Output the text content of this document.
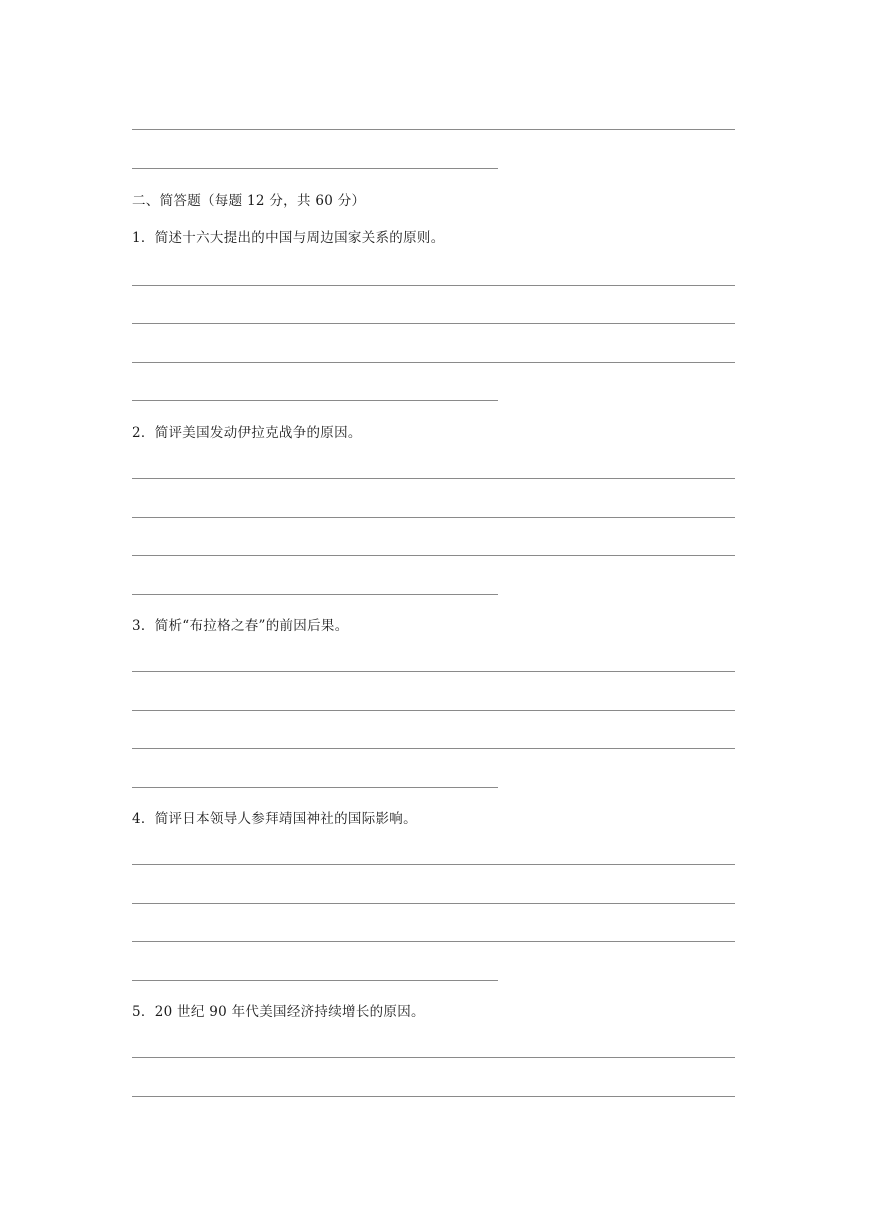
二、简答题（每题 12 分，共 60 分）
1．简述十六大提出的中国与周边国家关系的原则。
2．简评美国发动伊拉克战争的原因。
3．简析“布拉格之春”的前因后果。
4．简评日本领导人参拜靖国神社的国际影响。
5．20 世纪 90 年代美国经济持续增长的原因。
